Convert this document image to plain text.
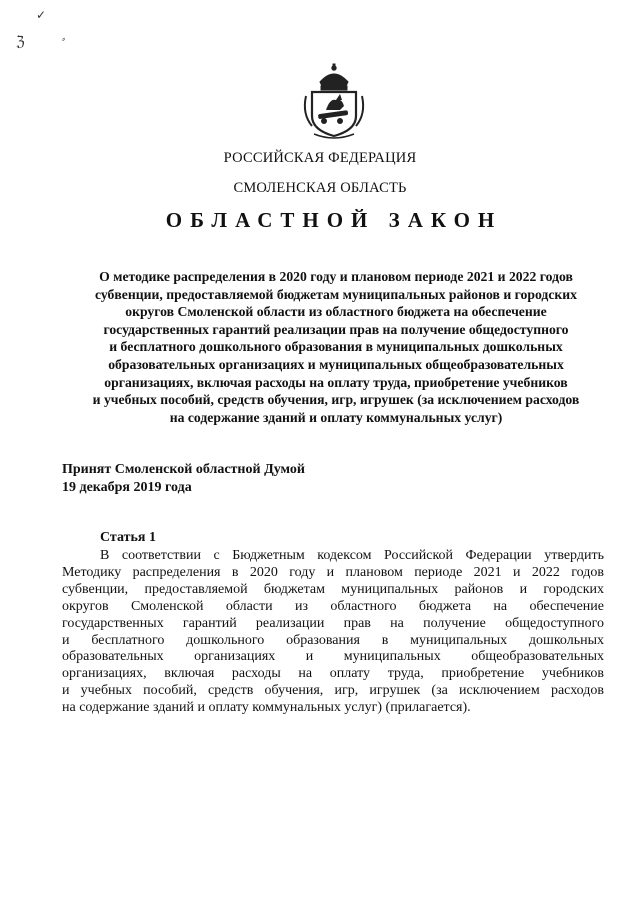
✓
ℨ	⸗
РОССИЙСКАЯ ФЕДЕРАЦИЯ
СМОЛЕНСКАЯ ОБЛАСТЬ
ОБЛАСТНОЙ ЗАКОН
О методике распределения в 2020 году и плановом периоде 2021 и 2022 годов
субвенции, предоставляемой бюджетам муниципальных районов и городских
округов Смоленской области из областного бюджета на обеспечение
государственных гарантий реализации прав на получение общедоступного
и бесплатного дошкольного образования в муниципальных дошкольных
образовательных организациях и муниципальных общеобразовательных
организациях, включая расходы на оплату труда, приобретение учебников
и учебных пособий, средств обучения, игр, игрушек (за исключением расходов
на содержание зданий и оплату коммунальных услуг)
Принят Смоленской областной Думой
19 декабря 2019 года
Статья 1
В соответствии с Бюджетным кодексом Российской Федерации утвердить
Методику распределения в 2020 году и плановом периоде 2021 и 2022 годов
субвенции, предоставляемой бюджетам муниципальных районов и городских
округов Смоленской области из областного бюджета на обеспечение
государственных гарантий реализации прав на получение общедоступного
и бесплатного дошкольного образования в муниципальных дошкольных
образовательных организациях и муниципальных общеобразовательных
организациях, включая расходы на оплату труда, приобретение учебников
и учебных пособий, средств обучения, игр, игрушек (за исключением расходов
на содержание зданий и оплату коммунальных услуг) (прилагается).
